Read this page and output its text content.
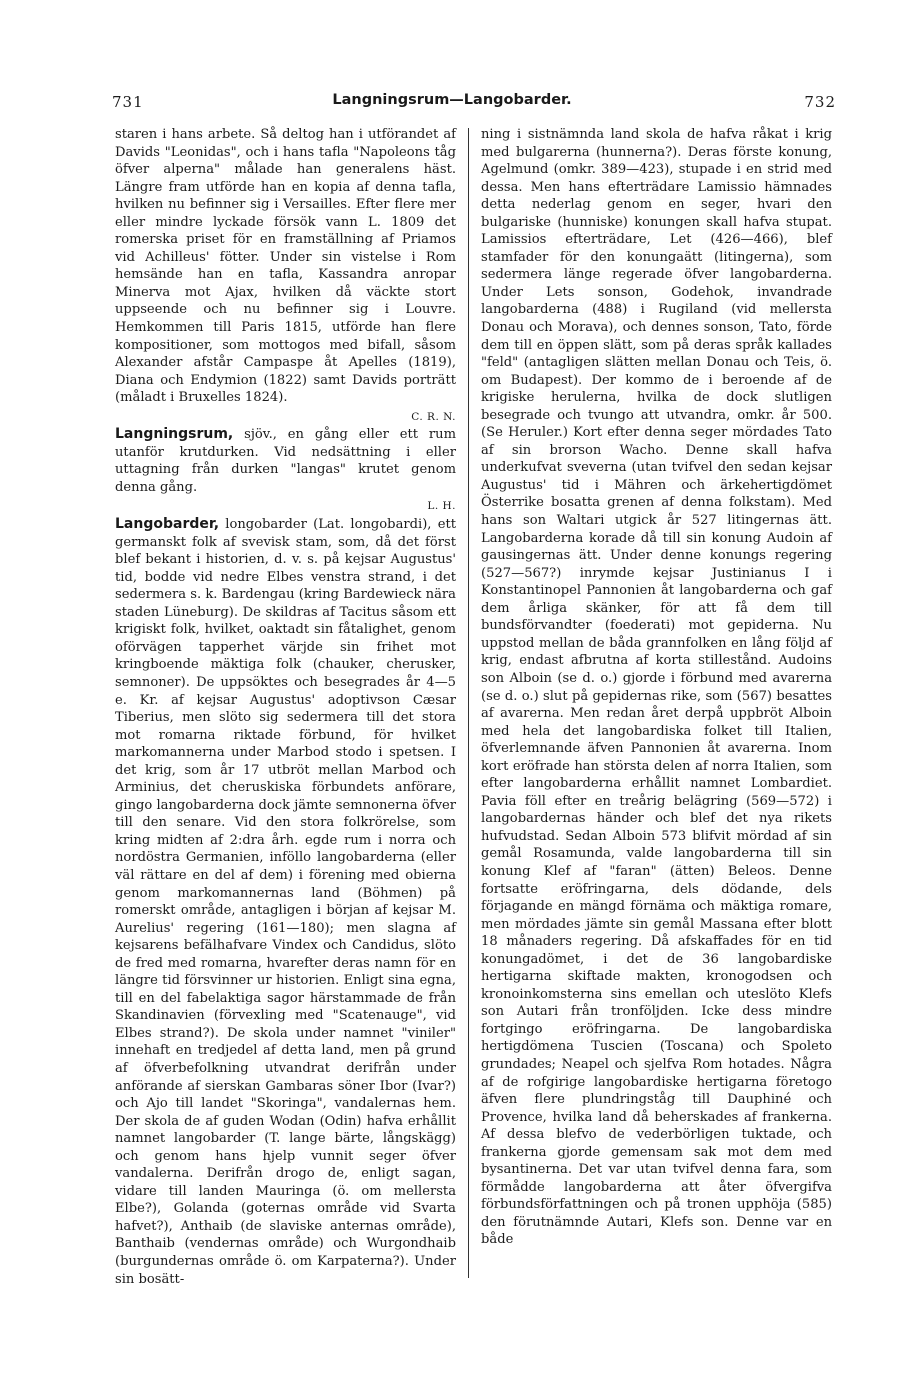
731	Langningsrum—Langobarder.	732

staren i hans arbete. Så deltog han i utförandet af Davids "Leonidas", och i hans tafla "Napoleons tåg öfver alperna" målade han generalens häst. Längre fram utförde han en kopia af denna tafla, hvilken nu befinner sig i Versailles. Efter flere mer eller mindre lyckade försök vann L. 1809 det romerska priset för en framställning af Priamos vid Achilleus' fötter. Under sin vistelse i Rom hemsände han en tafla, Kassandra anropar Minerva mot Ajax, hvilken då väckte stort uppseende och nu befinner sig i Louvre. Hemkommen till Paris 1815, utförde han flere kompositioner, som mottogos med bifall, såsom Alexander afstår Campaspe åt Apelles (1819), Diana och Endymion (1822) samt Davids porträtt (måladt i Bruxelles 1824).

C. R. N.

Langningsrum, sjöv., en gång eller ett rum utanför krutdurken. Vid nedsättning i eller uttagning från durken "langas" krutet genom denna gång.

L. H.

Langobarder, longobarder (Lat. longobardi), ett germanskt folk af svevisk stam, som, då det först blef bekant i historien, d. v. s. på kejsar Augustus' tid, bodde vid nedre Elbes venstra strand, i det sedermera s. k. Bardengau (kring Bardewieck nära staden Lüneburg). De skildras af Tacitus såsom ett krigiskt folk, hvilket, oaktadt sin fåtalighet, genom oförvägen tapperhet värjde sin frihet mot kringboende mäktiga folk (chauker, cherusker, semnoner). De uppsöktes och besegrades år 4—5 e. Kr. af kejsar Augustus' adoptivson Cæsar Tiberius, men slöto sig sedermera till det stora mot romarna riktade förbund, för hvilket markomannerna under Marbod stodo i spetsen. I det krig, som år 17 utbröt mellan Marbod och Arminius, det cheruskiska förbundets anförare, gingo langobarderna dock jämte semnonerna öfver till den senare. Vid den stora folkrörelse, som kring midten af 2:dra årh. egde rum i norra och nordöstra Germanien, inföllo langobarderna (eller väl rättare en del af dem) i förening med obierna genom markomannernas land (Böhmen) på romerskt område, antagligen i början af kejsar M. Aurelius' regering (161—180); men slagna af kejsarens befälhafvare Vindex och Candidus, slöto de fred med romarna, hvarefter deras namn för en längre tid försvinner ur historien. Enligt sina egna, till en del fabelaktiga sagor härstammade de från Skandinavien (förvexling med "Scatenauge", vid Elbes strand?). De skola under namnet "viniler" innehaft en tredjedel af detta land, men på grund af öfverbefolkning utvandrat derifrån under anförande af sierskan Gambaras söner Ibor (Ivar?) och Ajo till landet "Skoringa", vandalernas hem. Der skola de af guden Wodan (Odin) hafva erhållit namnet langobarder (T. lange bärte, långskägg) och genom hans hjelp vunnit seger öfver vandalerna. Derifrån drogo de, enligt sagan, vidare till landen Mauringa (ö. om mellersta Elbe?), Golanda (goternas område vid Svarta hafvet?), Anthaib (de slaviske anternas område), Banthaib (vendernas område) och Wurgondhaib (burgundernas område ö. om Karpaterna?). Under sin bosätt-

ning i sistnämnda land skola de hafva råkat i krig med bulgarerna (hunnerna?). Deras förste konung, Agelmund (omkr. 389—423), stupade i en strid med dessa. Men hans efterträdare Lamissio hämnades detta nederlag genom en seger, hvari den bulgariske (hunniske) konungen skall hafva stupat. Lamissios efterträdare, Let (426—466), blef stamfader för den konungaätt (litingerna), som sedermera länge regerade öfver langobarderna. Under Lets sonson, Godehok, invandrade langobarderna (488) i Rugiland (vid mellersta Donau och Morava), och dennes sonson, Tato, förde dem till en öppen slätt, som på deras språk kallades "feld" (antagligen slätten mellan Donau och Teis, ö. om Budapest). Der kommo de i beroende af de krigiske herulerna, hvilka de dock slutligen besegrade och tvungo att utvandra, omkr. år 500. (Se Heruler.) Kort efter denna seger mördades Tato af sin brorson Wacho. Denne skall hafva underkufvat sveverna (utan tvifvel den sedan kejsar Augustus' tid i Mähren och ärkehertigdömet Österrike bosatta grenen af denna folkstam). Med hans son Waltari utgick år 527 litingernas ätt. Langobarderna korade då till sin konung Audoin af gausingernas ätt. Under denne konungs regering (527—567?) inrymde kejsar Justinianus I i Konstantinopel Pannonien åt langobarderna och gaf dem årliga skänker, för att få dem till bundsförvandter (foederati) mot gepiderna. Nu uppstod mellan de båda grannfolken en lång följd af krig, endast afbrutna af korta stillestånd. Audoins son Alboin (se d. o.) gjorde i förbund med avarerna (se d. o.) slut på gepidernas rike, som (567) besattes af avarerna. Men redan året derpå uppbröt Alboin med hela det langobardiska folket till Italien, öfverlemnande äfven Pannonien åt avarerna. Inom kort eröfrade han största delen af norra Italien, som efter langobarderna erhållit namnet Lombardiet. Pavia föll efter en treårig belägring (569—572) i langobardernas händer och blef det nya rikets hufvudstad. Sedan Alboin 573 blifvit mördad af sin gemål Rosamunda, valde langobarderna till sin konung Klef af "faran" (ätten) Beleos. Denne fortsatte eröfringarna, dels dödande, dels förjagande en mängd förnäma och mäktiga romare, men mördades jämte sin gemål Massana efter blott 18 månaders regering. Då afskaffades för en tid konungadömet, i det de 36 langobardiske hertigarna skiftade makten, kronogodsen och kronoinkomsterna sins emellan och uteslöto Klefs son Autari från tronföljden. Icke dess mindre fortgingo eröfringarna. De langobardiska hertigdömena Tuscien (Toscana) och Spoleto grundades; Neapel och sjelfva Rom hotades. Några af de rofgirige langobardiske hertigarna företogo äfven flere plundringståg till Dauphiné och Provence, hvilka land då beherskades af frankerna. Af dessa blefvo de vederbörligen tuktade, och frankerna gjorde gemensam sak mot dem med bysantinerna. Det var utan tvifvel denna fara, som förmådde langobarderna att åter öfvergifva förbundsförfattningen och på tronen upphöja (585) den förutnämnde Autari, Klefs son. Denne var en både
